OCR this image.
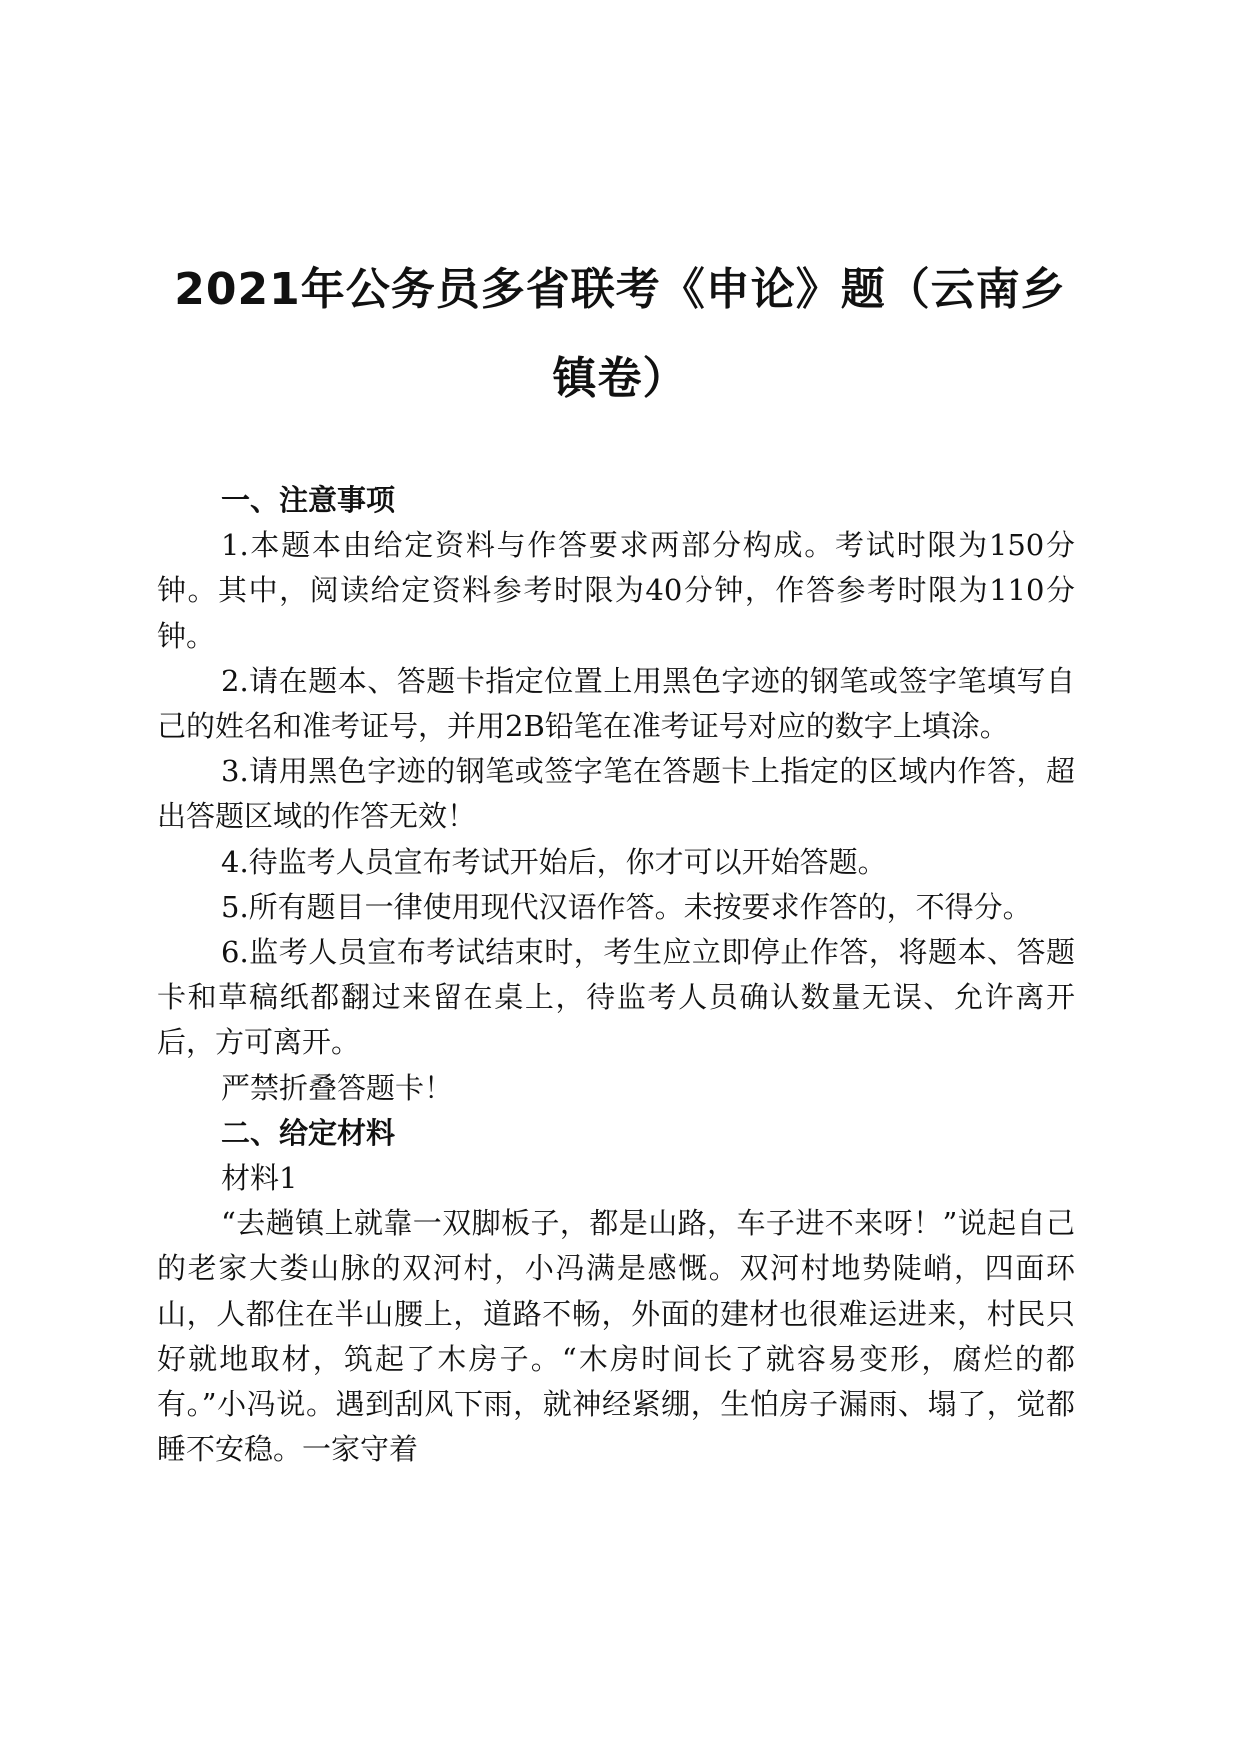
2021年公务员多省联考《申论》题（云南乡
镇卷）

一、注意事项

1.本题本由给定资料与作答要求两部分构成。考试时限为150分钟。其中，阅读给定资料参考时限为40分钟，作答参考时限为110分钟。

2.请在题本、答题卡指定位置上用黑色字迹的钢笔或签字笔填写自己的姓名和准考证号，并用2B铅笔在准考证号对应的数字上填涂。

3.请用黑色字迹的钢笔或签字笔在答题卡上指定的区域内作答，超出答题区域的作答无效！

4.待监考人员宣布考试开始后，你才可以开始答题。

5.所有题目一律使用现代汉语作答。未按要求作答的，不得分。

6.监考人员宣布考试结束时，考生应立即停止作答，将题本、答题卡和草稿纸都翻过来留在桌上，待监考人员确认数量无误、允许离开后，方可离开。

严禁折叠答题卡！

二、给定材料

材料1

“去趟镇上就靠一双脚板子，都是山路，车子进不来呀！”说起自己的老家大娄山脉的双河村，小冯满是感慨。双河村地势陡峭，四面环山，人都住在半山腰上，道路不畅，外面的建材也很难运进来，村民只好就地取材，筑起了木房子。“木房时间长了就容易变形，腐烂的都有。”小冯说。遇到刮风下雨，就神经紧绷，生怕房子漏雨、塌了，觉都睡不安稳。一家守着
